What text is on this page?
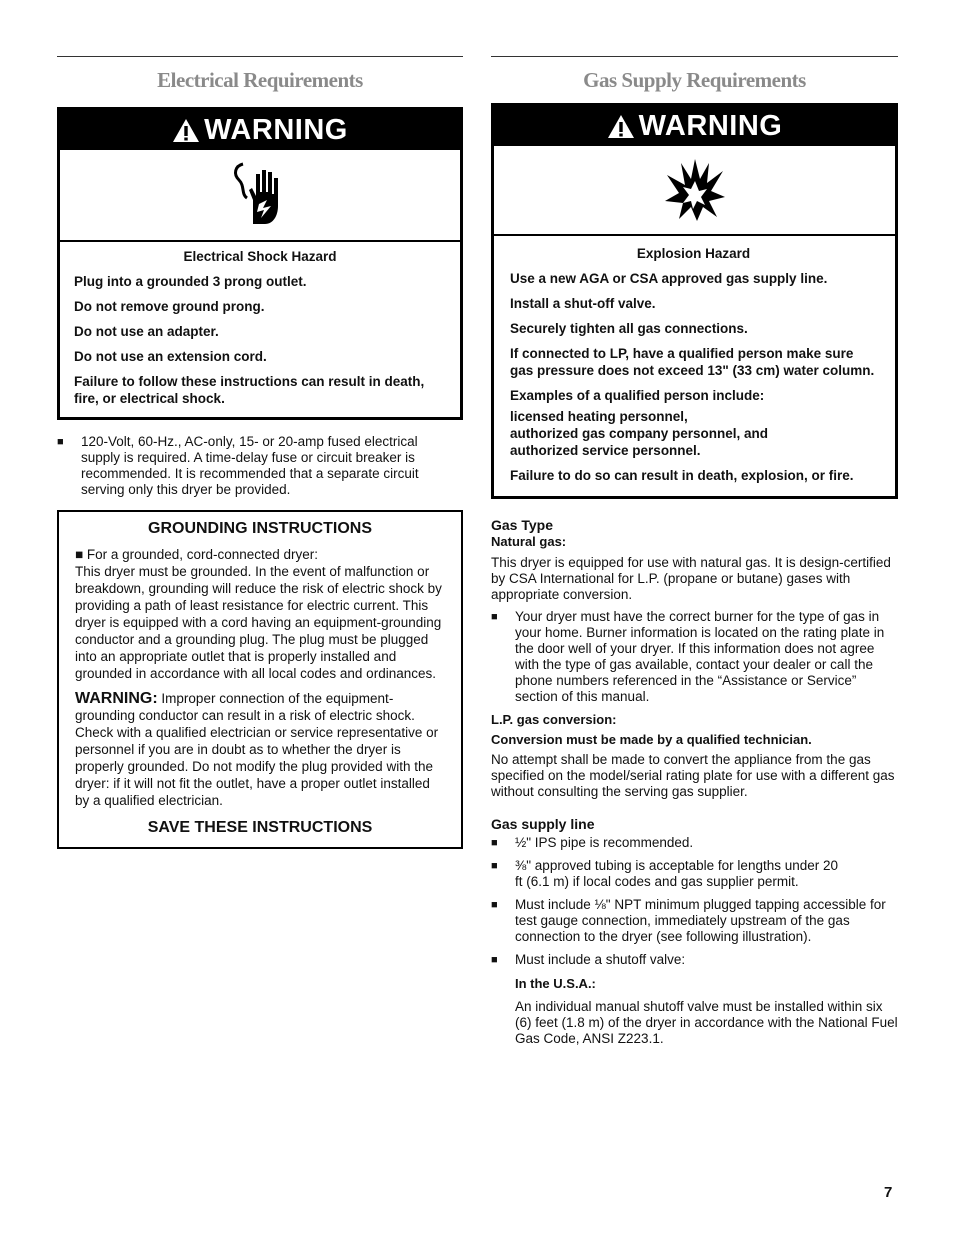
Electrical Requirements
WARNING

Electrical Shock Hazard

Plug into a grounded 3 prong outlet.

Do not remove ground prong.

Do not use an adapter.

Do not use an extension cord.

Failure to follow these instructions can result in death, fire, or electrical shock.

■	120-Volt, 60-Hz., AC-only, 15- or 20-amp fused electrical supply is required. A time-delay fuse or circuit breaker is recommended. It is recommended that a separate circuit serving only this dryer be provided.

GROUNDING INSTRUCTIONS

■ For a grounded, cord-connected dryer:

This dryer must be grounded. In the event of malfunction or breakdown, grounding will reduce the risk of electric shock by providing a path of least resistance for electric current. This dryer is equipped with a cord having an equipment-grounding conductor and a grounding plug. The plug must be plugged into an appropriate outlet that is properly installed and grounded in accordance with all local codes and ordinances.

WARNING: Improper connection of the equipment-grounding conductor can result in a risk of electric shock. Check with a qualified electrician or service representative or personnel if you are in doubt as to whether the dryer is properly grounded. Do not modify the plug provided with the dryer: if it will not fit the outlet, have a proper outlet installed by a qualified electrician.

SAVE THESE INSTRUCTIONS

Gas Supply Requirements
WARNING

Explosion Hazard

Use a new AGA or CSA approved gas supply line.

Install a shut-off valve.

Securely tighten all gas connections.

If connected to LP, have a qualified person make sure gas pressure does not exceed 13" (33 cm) water column.

Examples of a qualified person include:

licensed heating personnel,
authorized gas company personnel, and
authorized service personnel.

Failure to do so can result in death, explosion, or fire.

Gas Type
Natural gas:
This dryer is equipped for use with natural gas. It is design-certified by CSA International for L.P. (propane or butane) gases with appropriate conversion.
■	Your dryer must have the correct burner for the type of gas in your home. Burner information is located on the rating plate in the door well of your dryer. If this information does not agree with the type of gas available, contact your dealer or call the phone numbers referenced in the “Assistance or Service” section of this manual.
L.P. gas conversion:
Conversion must be made by a qualified technician.
No attempt shall be made to convert the appliance from the gas specified on the model/serial rating plate for use with a different gas without consulting the serving gas supplier.
Gas supply line
■	½" IPS pipe is recommended.
■	⅜" approved tubing is acceptable for lengths under 20 ft (6.1 m) if local codes and gas supplier permit.
■	Must include ⅛" NPT minimum plugged tapping accessible for test gauge connection, immediately upstream of the gas connection to the dryer (see following illustration).
■	Must include a shutoff valve:
In the U.S.A.:
An individual manual shutoff valve must be installed within six (6) feet (1.8 m) of the dryer in accordance with the National Fuel Gas Code, ANSI Z223.1.
7
